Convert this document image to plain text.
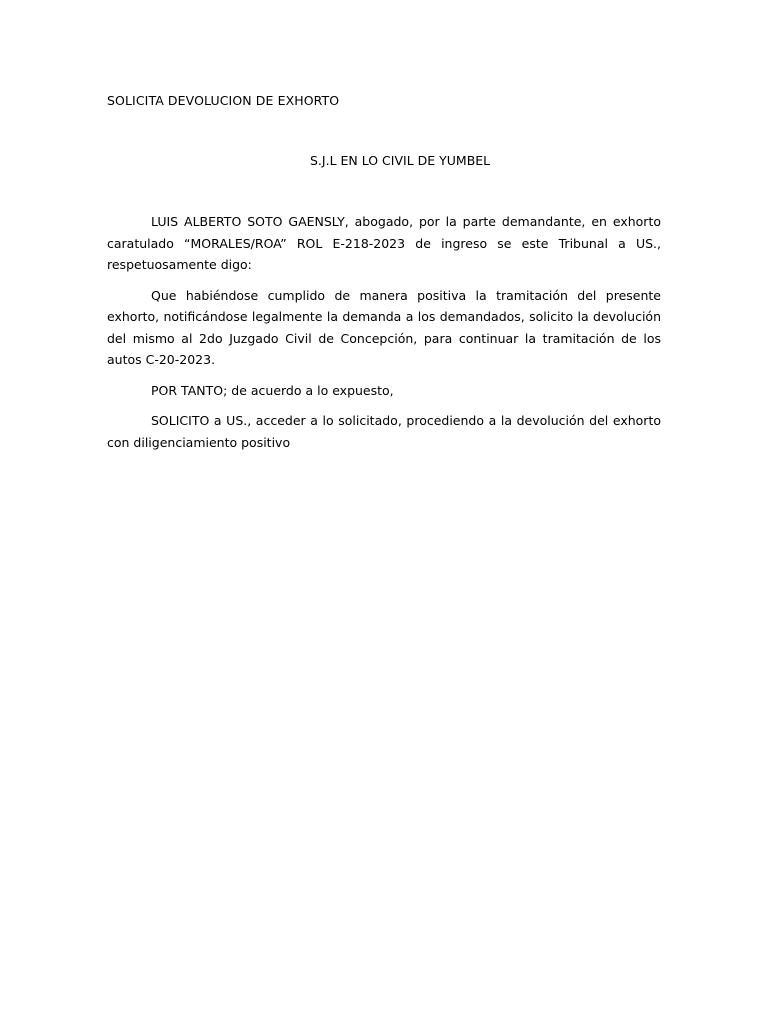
SOLICITA DEVOLUCION DE EXHORTO
S.J.L EN LO CIVIL DE YUMBEL

LUIS ALBERTO SOTO GAENSLY, abogado, por la parte demandante, en exhorto caratulado “MORALES/ROA” ROL E-218-2023 de ingreso se este Tribunal a US., respetuosamente digo:

Que habiéndose cumplido de manera positiva la tramitación del presente exhorto, notificándose legalmente la demanda a los demandados, solicito la devolución del mismo al 2do Juzgado Civil de Concepción, para continuar la tramitación de los autos C-20-2023.

POR TANTO; de acuerdo a lo expuesto,

SOLICITO a US., acceder a lo solicitado, procediendo a la devolución del exhorto con diligenciamiento positivo
